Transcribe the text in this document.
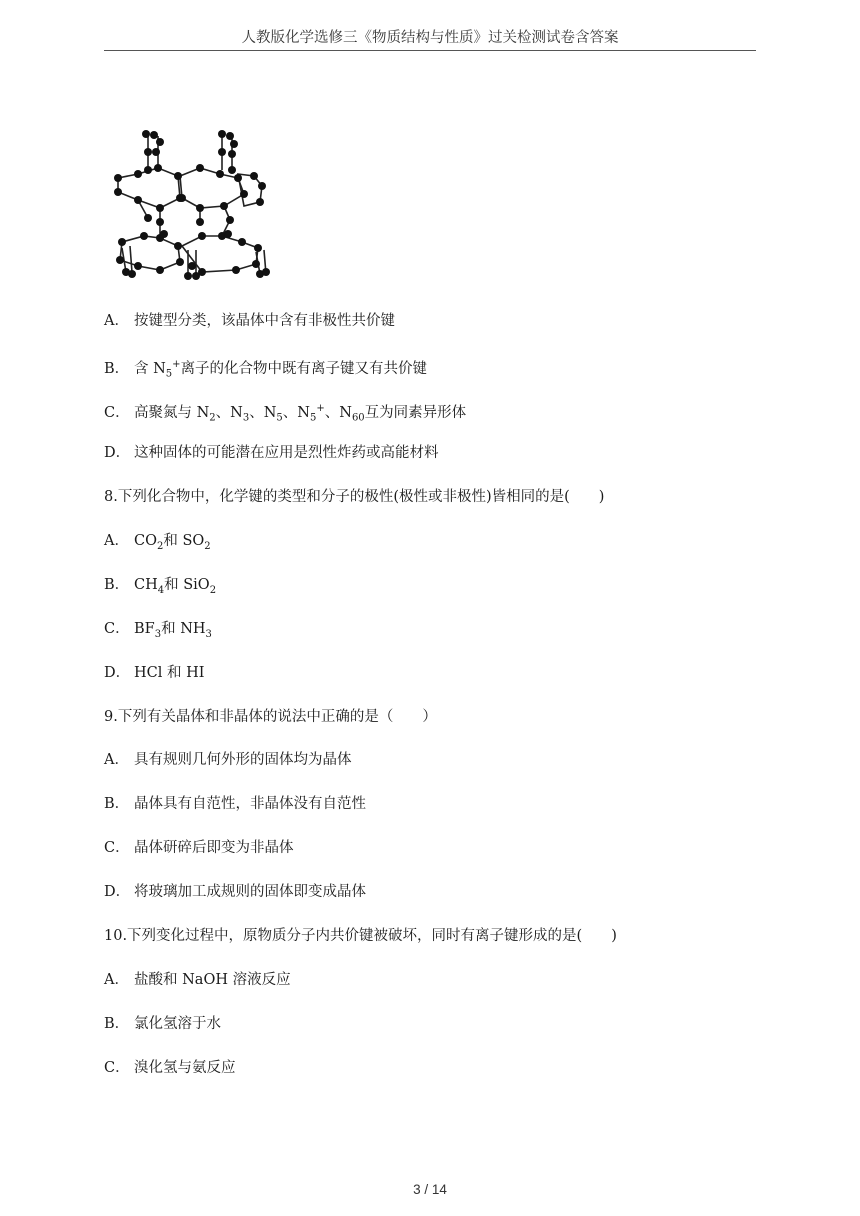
人教版化学选修三《物质结构与性质》过关检测试卷含答案
A． 按键型分类，该晶体中含有非极性共价键
B． 含 $N_5^+$离子的化合物中既有离子键又有共价键
C． 高聚氮与 $N_2$、$N_3$、$N_5$、$N_5^+$、$N_{60}$互为同素异形体
D． 这种固体的可能潜在应用是烈性炸药或高能材料
8.下列化合物中，化学键的类型和分子的极性(极性或非极性)皆相同的是(　　)
A． $CO_2$和 $SO_2$
B． $CH_4$和 SiO$_2$
C． $BF_3$和 $NH_3$
D． HCl 和 HI
9.下列有关晶体和非晶体的说法中正确的是（　　）
A． 具有规则几何外形的固体均为晶体
B． 晶体具有自范性，非晶体没有自范性
C． 晶体研碎后即变为非晶体
D． 将玻璃加工成规则的固体即变成晶体
10.下列变化过程中，原物质分子内共价键被破坏，同时有离子键形成的是(　　)
A． 盐酸和 NaOH 溶液反应
B． 氯化氢溶于水
C． 溴化氢与氨反应
3 / 14
